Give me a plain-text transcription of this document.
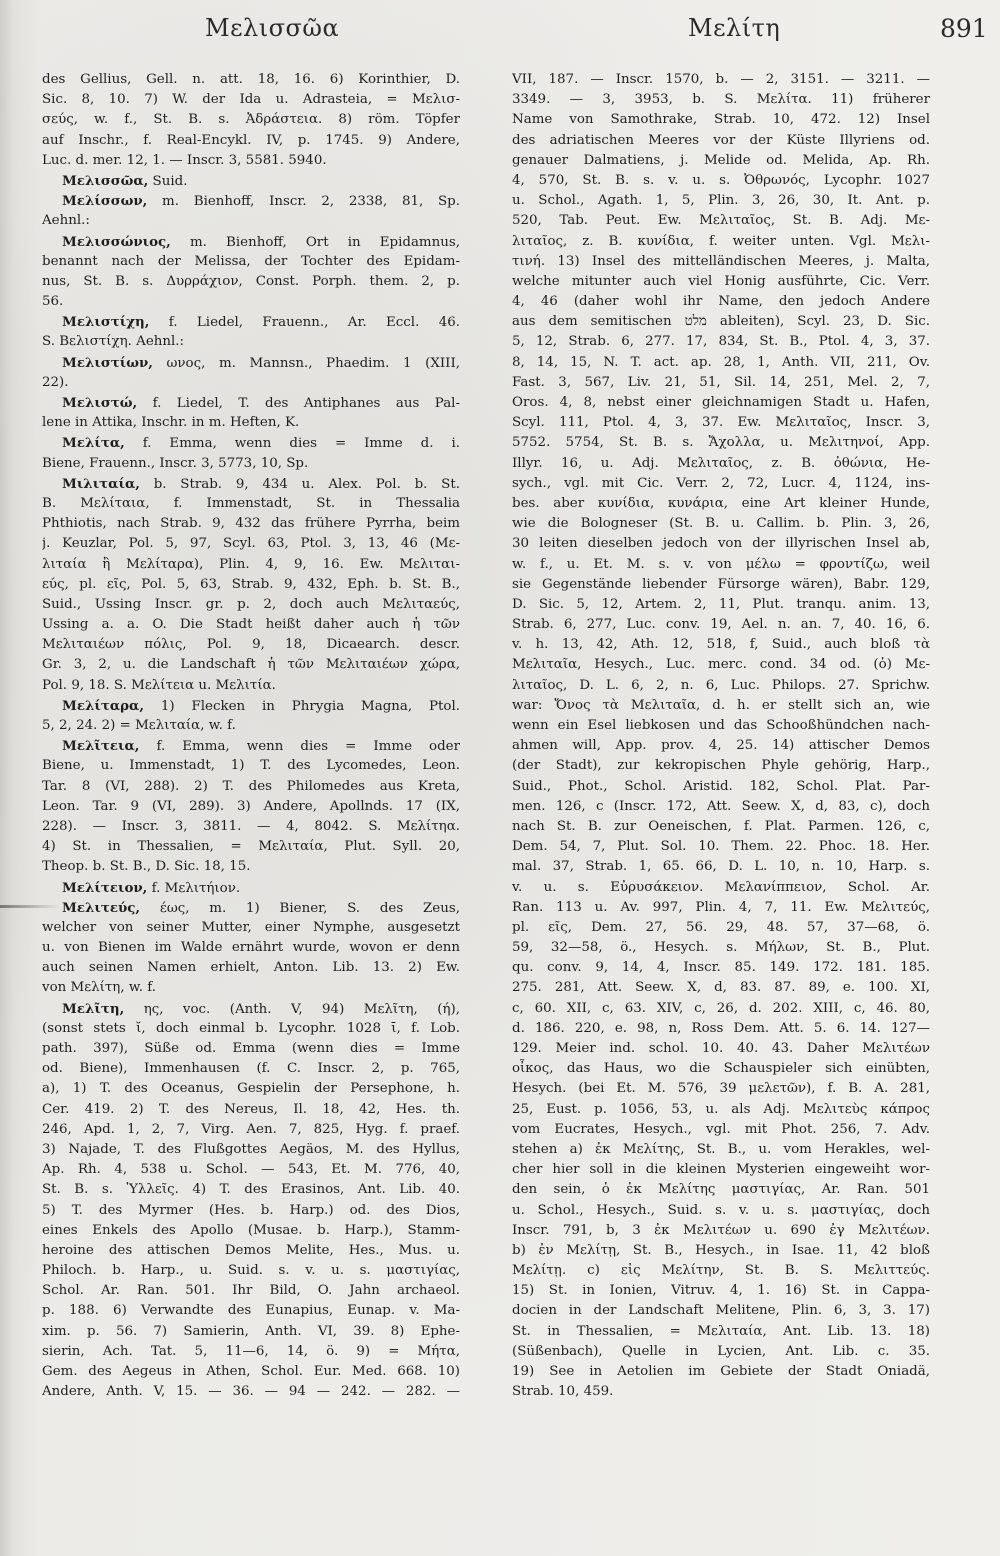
Μελισσῶα	Μελίτη	891
des Gellius, Gell. n. att. 18, 16. 6) Korinthier, D.
Sic. 8, 10. 7) W. der Ida u. Adrasteia, = Μελισ-
σεύς, w. f., St. B. s. Ἀδράστεια. 8) röm. Töpfer
auf Inschr., f. Real-Encykl. IV, p. 1745. 9) Andere,
Luc. d. mer. 12, 1. — Inscr. 3, 5581. 5940.
Μελισσῶα, Suid.
Μελίσσων, m. Bienhoff, Inscr. 2, 2338, 81, Sp.
Aehnl.:
Μελισσώνιος, m. Bienhoff, Ort in Epidamnus,
benannt nach der Melissa, der Tochter des Epidam-
nus, St. B. s. Δυρράχιον, Const. Porph. them. 2, p.
56.
Μελιστίχη, f. Liedel, Frauenn., Ar. Eccl. 46.
S. Βελιστίχη. Aehnl.:
Μελιστίων, ωνος, m. Mannsn., Phaedim. 1 (XIII,
22).
Μελιστώ, f. Liedel, T. des Antiphanes aus Pal-
lene in Attika, Inschr. in m. Heften, K.
Μελίτα, f. Emma, wenn dies = Imme d. i.
Biene, Frauenn., Inscr. 3, 5773, 10, Sp.
Μιλιταία, b. Strab. 9, 434 u. Alex. Pol. b. St.
B. Μελίταια, f. Immenstadt, St. in Thessalia
Phthiotis, nach Strab. 9, 432 das frühere Pyrrha, beim
j. Keuzlar, Pol. 5, 97, Scyl. 63, Ptol. 3, 13, 46 (Με-
λιταία ἢ Μελίταρα), Plin. 4, 9, 16. Ew. Μελιται-
εύς, pl. εῖς, Pol. 5, 63, Strab. 9, 432, Eph. b. St. B.,
Suid., Ussing Inscr. gr. p. 2, doch auch Μελιταεύς,
Ussing a. a. O. Die Stadt heißt daher auch ἡ τῶν
Μελιταιέων πόλις, Pol. 9, 18, Dicaearch. descr.
Gr. 3, 2, u. die Landschaft ἡ τῶν Μελιταιέων χώρα,
Pol. 9, 18. S. Μελίτεια u. Μελιτία.
Μελίταρα, 1) Flecken in Phrygia Magna, Ptol.
5, 2, 24. 2) = Μελιταία, w. f.
Μελῖτεια, f. Emma, wenn dies = Imme oder
Biene, u. Immenstadt, 1) T. des Lycomedes, Leon.
Tar. 8 (VI, 288). 2) T. des Philomedes aus Kreta,
Leon. Tar. 9 (VI, 289). 3) Andere, Apollnds. 17 (IX,
228). — Inscr. 3, 3811. — 4, 8042. S. Μελίτηα.
4) St. in Thessalien, = Μελιταία, Plut. Syll. 20,
Theop. b. St. B., D. Sic. 18, 15.
Μελίτειον, f. Μελιτήιον.
Μελιτεύς, έως, m. 1) Biener, S. des Zeus,
welcher von seiner Mutter, einer Nymphe, ausgesetzt
u. von Bienen im Walde ernährt wurde, wovon er denn
auch seinen Namen erhielt, Anton. Lib. 13. 2) Ew.
von Μελίτη, w. f.
Μελῖτη, ης, voc. (Anth. V, 94) Μελῖτη, (ή),
(sonst stets ῐ, doch einmal b. Lycophr. 1028 ῑ, f. Lob.
path. 397), Süße od. Emma (wenn dies = Imme
od. Biene), Immenhausen (f. C. Inscr. 2, p. 765,
a), 1) T. des Oceanus, Gespielin der Persephone, h.
Cer. 419. 2) T. des Nereus, Il. 18, 42, Hes. th.
246, Apd. 1, 2, 7, Virg. Aen. 7, 825, Hyg. f. praef.
3) Najade, T. des Flußgottes Aegäos, M. des Hyllus,
Ap. Rh. 4, 538 u. Schol. — 543, Et. M. 776, 40,
St. B. s. Ὑλλεῖς. 4) T. des Erasinos, Ant. Lib. 40.
5) T. des Myrmer (Hes. b. Harp.) od. des Dios,
eines Enkels des Apollo (Musae. b. Harp.), Stamm-
heroine des attischen Demos Melite, Hes., Mus. u.
Philoch. b. Harp., u. Suid. s. v. u. s. μαστιγίας,
Schol. Ar. Ran. 501. Ihr Bild, O. Jahn archaeol.
p. 188. 6) Verwandte des Eunapius, Eunap. v. Ma-
xim. p. 56. 7) Samierin, Anth. VI, 39. 8) Ephe-
sierin, Ach. Tat. 5, 11—6, 14, ö. 9) = Μήτα,
Gem. des Aegeus in Athen, Schol. Eur. Med. 668. 10)
Andere, Anth. V, 15. — 36. — 94 — 242. — 282. —
VII, 187. — Inscr. 1570, b. — 2, 3151. — 3211. —
3349. — 3, 3953, b. S. Μελίτα. 11) früherer
Name von Samothrake, Strab. 10, 472. 12) Insel
des adriatischen Meeres vor der Küste Illyriens od.
genauer Dalmatiens, j. Melide od. Melida, Ap. Rh.
4, 570, St. B. s. v. u. s. Ὀθρωνός, Lycophr. 1027
u. Schol., Agath. 1, 5, Plin. 3, 26, 30, It. Ant. p.
520, Tab. Peut. Ew. Μελιταῖος, St. B. Adj. Με-
λιταῖος, z. B. κυνίδια, f. weiter unten. Vgl. Μελι-
τινή. 13) Insel des mittelländischen Meeres, j. Malta,
welche mitunter auch viel Honig ausführte, Cic. Verr.
4, 46 (daher wohl ihr Name, den jedoch Andere
aus dem semitischen מלט ableiten), Scyl. 23, D. Sic.
5, 12, Strab. 6, 277. 17, 834, St. B., Ptol. 4, 3, 37.
8, 14, 15, N. T. act. ap. 28, 1, Anth. VII, 211, Ov.
Fast. 3, 567, Liv. 21, 51, Sil. 14, 251, Mel. 2, 7,
Oros. 4, 8, nebst einer gleichnamigen Stadt u. Hafen,
Scyl. 111, Ptol. 4, 3, 37. Ew. Μελιταῖος, Inscr. 3,
5752. 5754, St. B. s. Ἄχολλα, u. Μελιτηνοί, App.
Illyr. 16, u. Adj. Μελιταῖος, z. B. ὀθώνια, He-
sych., vgl. mit Cic. Verr. 2, 72, Lucr. 4, 1124, ins-
bes. aber κυνίδια, κυνάρια, eine Art kleiner Hunde,
wie die Bologneser (St. B. u. Callim. b. Plin. 3, 26,
30 leiten dieselben jedoch von der illyrischen Insel ab,
w. f., u. Et. M. s. v. von μέλω = φροντίζω, weil
sie Gegenstände liebender Fürsorge wären), Babr. 129,
D. Sic. 5, 12, Artem. 2, 11, Plut. tranqu. anim. 13,
Strab. 6, 277, Luc. conv. 19, Ael. n. an. 7, 40. 16, 6.
v. h. 13, 42, Ath. 12, 518, f, Suid., auch bloß τὰ
Μελιταῖα, Hesych., Luc. merc. cond. 34 od. (ὁ) Με-
λιταῖος, D. L. 6, 2, n. 6, Luc. Philops. 27. Sprichw.
war: Ὄνος τὰ Μελιταῖα, d. h. er stellt sich an, wie
wenn ein Esel liebkosen und das Schooßhündchen nach-
ahmen will, App. prov. 4, 25. 14) attischer Demos
(der Stadt), zur kekropischen Phyle gehörig, Harp.,
Suid., Phot., Schol. Aristid. 182, Schol. Plat. Par-
men. 126, c (Inscr. 172, Att. Seew. X, d, 83, c), doch
nach St. B. zur Oeneischen, f. Plat. Parmen. 126, c,
Dem. 54, 7, Plut. Sol. 10. Them. 22. Phoc. 18. Her.
mal. 37, Strab. 1, 65. 66, D. L. 10, n. 10, Harp. s.
v. u. s. Εὐρυσάκειον. Μελανίππειον, Schol. Ar.
Ran. 113 u. Av. 997, Plin. 4, 7, 11. Ew. Μελιτεύς,
pl. εῖς, Dem. 27, 56. 29, 48. 57, 37—68, ö.
59, 32—58, ö., Hesych. s. Μήλων, St. B., Plut.
qu. conv. 9, 14, 4, Inscr. 85. 149. 172. 181. 185.
275. 281, Att. Seew. X, d, 83. 87. 89, e. 100. XI,
c, 60. XII, c, 63. XIV, c, 26, d. 202. XIII, c, 46. 80,
d. 186. 220, e. 98, n, Ross Dem. Att. 5. 6. 14. 127—
129. Meier ind. schol. 10. 40. 43. Daher Μελιτέων
οἶκος, das Haus, wo die Schauspieler sich einübten,
Hesych. (bei Et. M. 576, 39 μελετῶν), f. B. A. 281,
25, Eust. p. 1056, 53, u. als Adj. Μελιτεὺς κάπρος
vom Eucrates, Hesych., vgl. mit Phot. 256, 7. Adv.
stehen a) ἐκ Μελίτης, St. B., u. vom Herakles, wel-
cher hier soll in die kleinen Mysterien eingeweiht wor-
den sein, ὁ ἐκ Μελίτης μαστιγίας, Ar. Ran. 501
u. Schol., Hesych., Suid. s. v. u. s. μαστιγίας, doch
Inscr. 791, b, 3 ἐκ Μελιτέων u. 690 ἐγ Μελιτέων.
b) ἐν Μελίτῃ, St. B., Hesych., in Isae. 11, 42 bloß
Μελίτῃ. c) εἰς Μελίτην, St. B. S. Μελιττεύς.
15) St. in Ionien, Vitruv. 4, 1. 16) St. in Cappa-
docien in der Landschaft Melitene, Plin. 6, 3, 3. 17)
St. in Thessalien, = Μελιταία, Ant. Lib. 13. 18)
(Süßenbach), Quelle in Lycien, Ant. Lib. c. 35.
19) See in Aetolien im Gebiete der Stadt Oniadä,
Strab. 10, 459.
